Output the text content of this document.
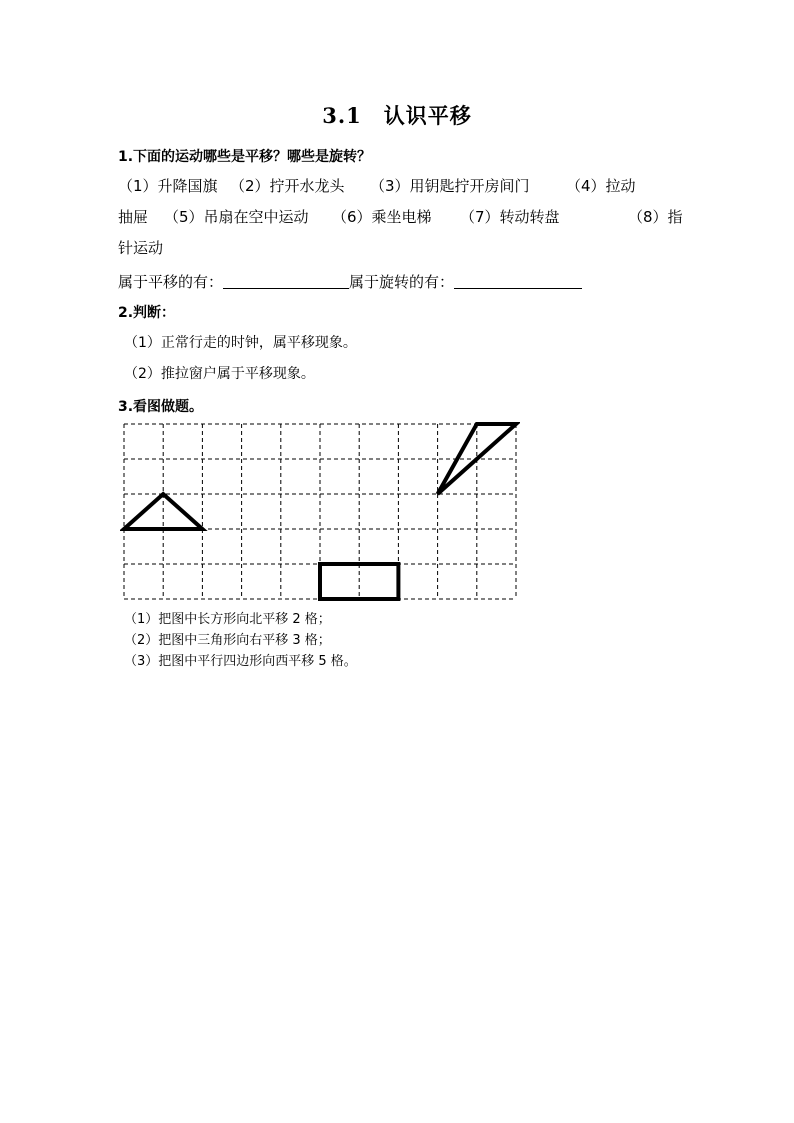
3.1 认识平移
1.下面的运动哪些是平移？哪些是旋转？
（1）升降国旗 （2）拧开水龙头 （3）用钥匙拧开房间门 （4）拉动
抽屉 （5）吊扇在空中运动 （6）乘坐电梯 （7）转动转盘	（8）指
针运动
属于平移的有：	属于旋转的有：
2.判断：
（1）正常行走的时钟，属平移现象。
（2）推拉窗户属于平移现象。
3.看图做题。
（1）把图中长方形向北平移 2 格；
（2）把图中三角形向右平移 3 格；
（3）把图中平行四边形向西平移 5 格。
